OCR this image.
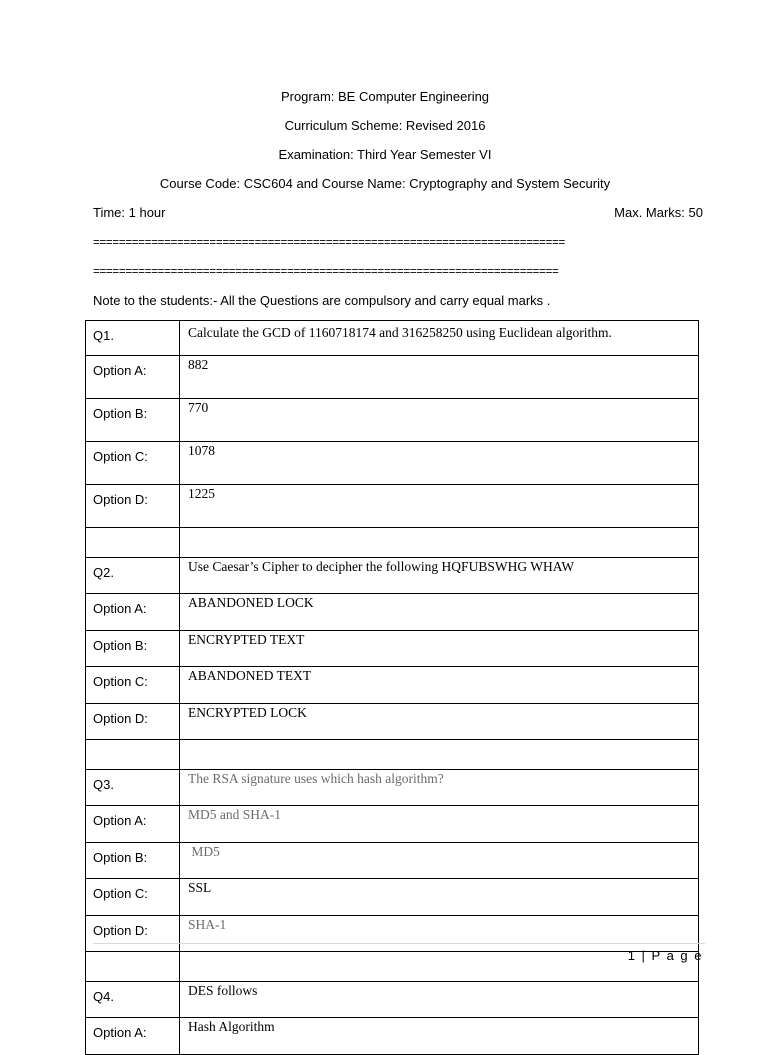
Program: BE Computer Engineering
Curriculum Scheme: Revised 2016
Examination: Third Year Semester VI
Course Code: CSC604 and Course Name: Cryptography and System Security
Time: 1 hour	Max. Marks: 50
=========================================================================
========================================================================
Note to the students:- All the Questions are compulsory and carry equal marks .
Q1.	Calculate the GCD of 1160718174 and 316258250 using Euclidean algorithm.
Option A:	882
Option B:	770
Option C:	1078
Option D:	1225

Q2.	Use Caesar’s Cipher to decipher the following HQFUBSWHG WHAW
Option A:	ABANDONED LOCK
Option B:	ENCRYPTED TEXT
Option C:	ABANDONED TEXT
Option D:	ENCRYPTED LOCK

Q3.	The RSA signature uses which hash algorithm?
Option A:	MD5 and SHA-1
Option B:	MD5
Option C:	SSL
Option D:	SHA-1

Q4.	DES follows
Option A:	Hash Algorithm
1 | P a g e
